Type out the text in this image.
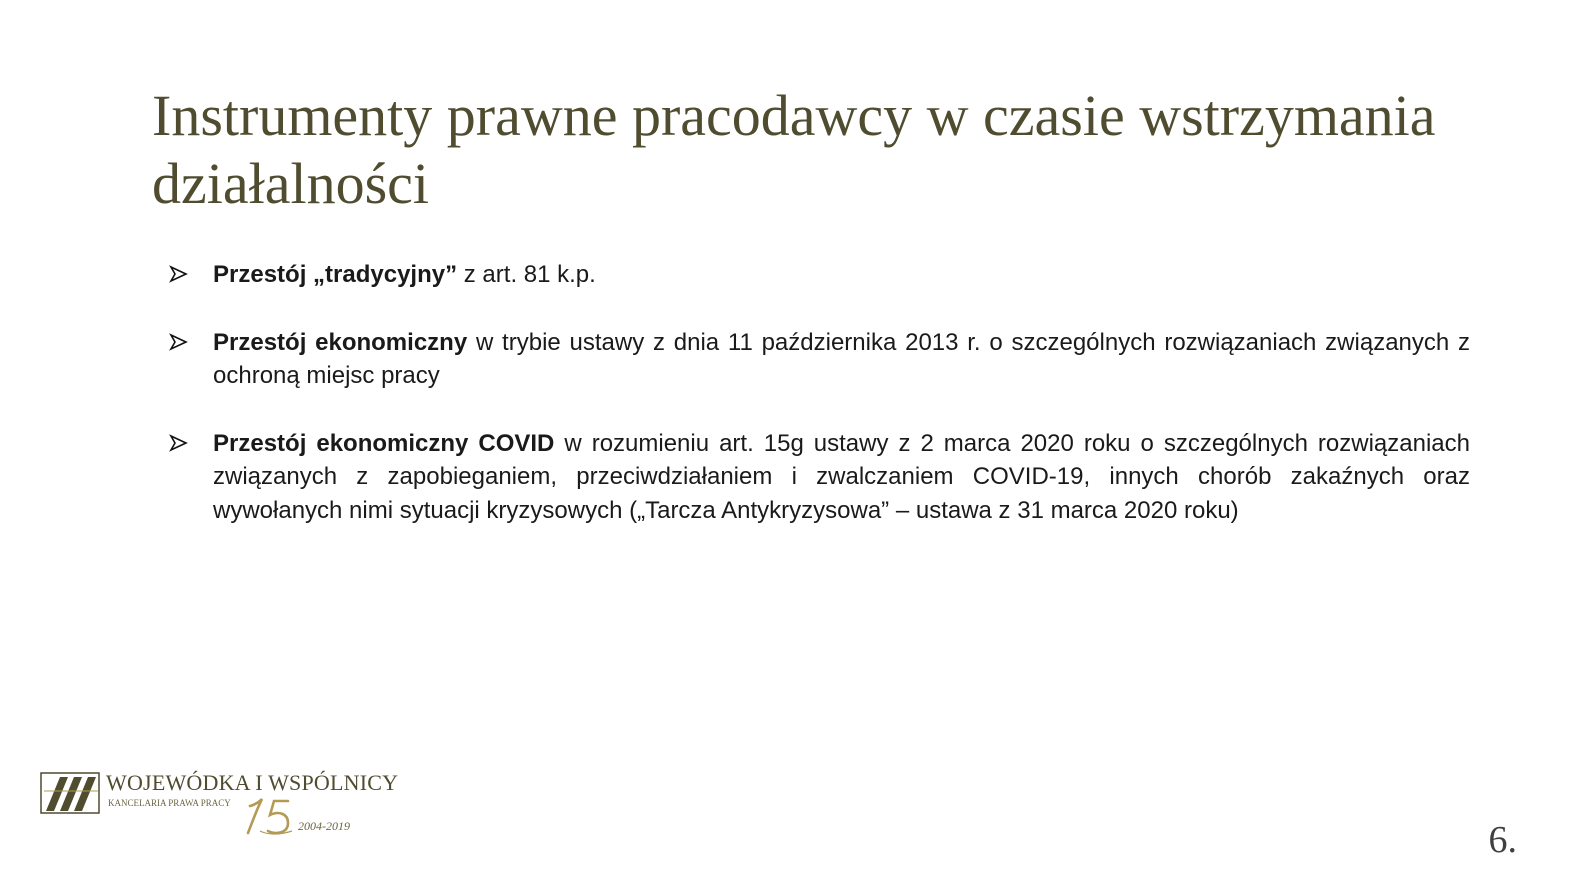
Instrumenty prawne pracodawcy w czasie wstrzymania działalności
Przestój „tradycyjny” z art. 81 k.p.
Przestój ekonomiczny w trybie ustawy z dnia 11 października 2013 r. o szczególnych rozwiązaniach związanych z ochroną miejsc pracy
Przestój ekonomiczny COVID w rozumieniu art. 15g ustawy z 2 marca 2020 roku o szczególnych rozwiązaniach związanych z zapobieganiem, przeciwdziałaniem i zwalczaniem COVID-19, innych chorób zakaźnych oraz wywołanych nimi sytuacji kryzysowych („Tarcza Antykryzysowa” – ustawa z 31 marca 2020 roku)
WOJEWÓDKA I WSPÓLNICY
KANCELARIA PRAWA PRACY
2004-2019	6.
